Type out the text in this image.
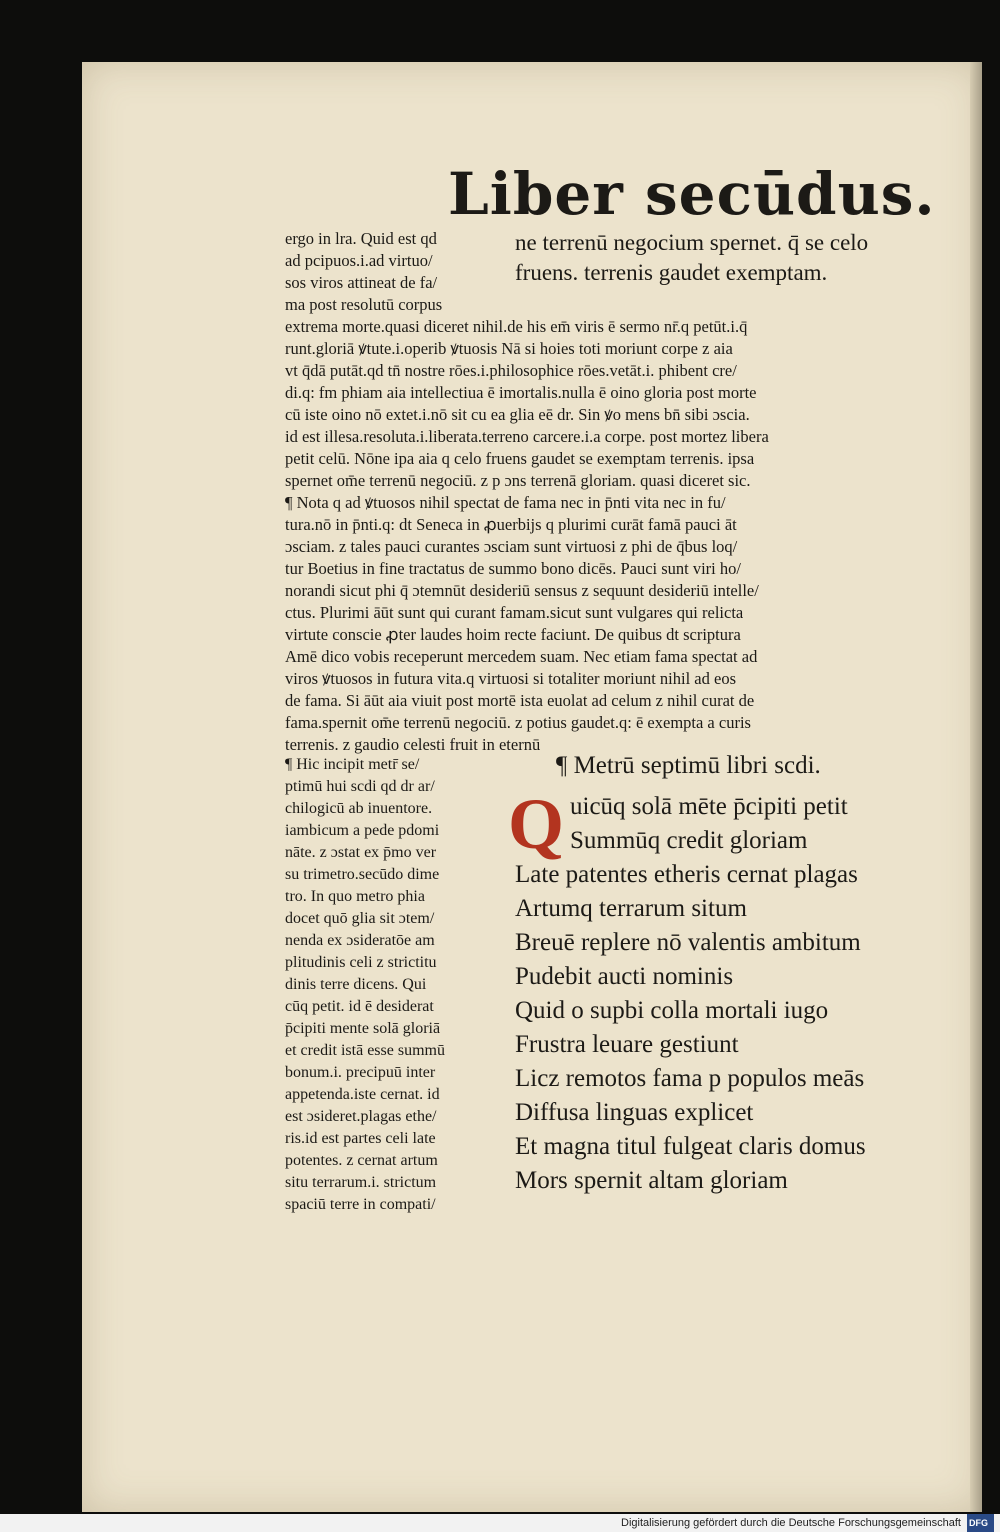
Liber secūdus.
ergo in lra. Quid est qd
ad pcipuos.i.ad virtuo/
sos viros attineat de fa/
ma post resolutū corpus
ne terrenū negocium spernet. q̄ se celo
fruens. terrenis gaudet exemptam.
extrema morte.quasi diceret nihil.de his em̄ viris ē sermo nr̄.q petūt.i.q̄
runt.gloriā ꝟtute.i.operib ꝟtuosis Nā si hoies toti moriunt corpe z aia
vt q̄dā putāt.qd tn̄ nostre rōes.i.philosophice rōes.vetāt.i. phibent cre/
di.q: fm phiam aia intellectiua ē imortalis.nulla ē oino gloria post morte
cū iste oino nō extet.i.nō sit cu ea glia eē dr. Sin ꝟo mens bn̄ sibi ɔscia.
id est illesa.resoluta.i.liberata.terreno carcere.i.a corpe. post mortez libera
petit celū. Nōne ipa aia q celo fruens gaudet se exemptam terrenis. ipsa
spernet om̄e terrenū negociū. z p ɔns terrenā gloriam. quasi diceret sic.
¶ Nota q ad ꝟtuosos nihil spectat de fama nec in p̄nti vita nec in fu/
tura.nō in p̄nti.q: dt Seneca in ꝓuerbijs q plurimi curāt famā pauci āt
ɔsciam. z tales pauci curantes ɔsciam sunt virtuosi z phi de q̄bus loq/
tur Boetius in fine tractatus de summo bono dicēs. Pauci sunt viri ho/
norandi sicut phi q̄ ɔtemnūt desideriū sensus z sequunt desideriū intelle/
ctus. Plurimi āūt sunt qui curant famam.sicut sunt vulgares qui relicta
virtute conscie ꝓter laudes hoim recte faciunt. De quibus dt scriptura
Amē dico vobis receperunt mercedem suam. Nec etiam fama spectat ad
viros ꝟtuosos in futura vita.q virtuosi si totaliter moriunt nihil ad eos
de fama. Si āūt aia viuit post mortē ista euolat ad celum z nihil curat de
fama.spernit om̄e terrenū negociū. z potius gaudet.q: ē exempta a curis
terrenis. z gaudio celesti fruit in eternū
¶ Hic incipit metr̄ se/
ptimū hui scdi qd dr ar/
chilogicū ab inuentore.
iambicum a pede pdomi
nāte. z ɔstat ex p̄mo ver
su trimetro.secūdo dime
tro. In quo metro phia
docet quō glia sit ɔtem/
nenda ex ɔsideratōe am
plitudinis celi z strictitu
dinis terre dicens. Qui
cūq petit. id ē desiderat
p̄cipiti mente solā gloriā
et credit istā esse summū
bonum.i. precipuū inter
appetenda.iste cernat. id
est ɔsideret.plagas ethe/
ris.id est partes celi late
potentes. z cernat artum
situ terrarum.i. strictum
spaciū terre in compati/
¶ Metrū septimū libri scdi.
Q uicūq solā mēte p̄cipiti petit
Summūq credit gloriam
Late patentes etheris cernat plagas
Artumq terrarum situm
Breuē replere nō valentis ambitum
Pudebit aucti nominis
Quid o supbi colla mortali iugo
Frustra leuare gestiunt
Licz remotos fama p populos meās
Diffusa linguas explicet
Et magna titul fulgeat claris domus
Mors spernit altam gloriam
Digitalisierung gefördert durch die Deutsche Forschungsgemeinschaft DFG
